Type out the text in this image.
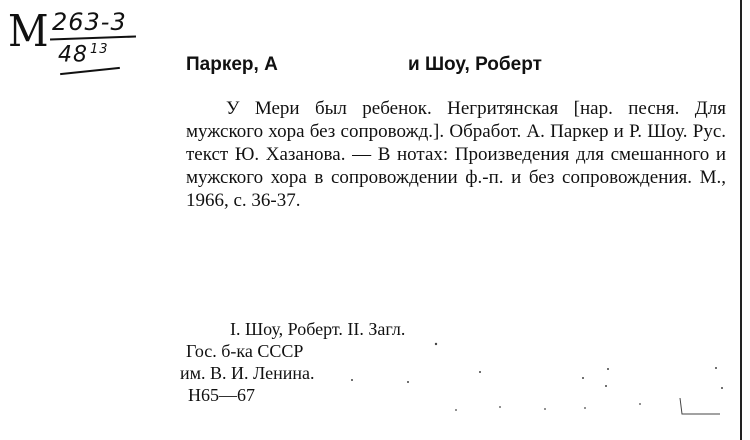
М 263-3
48 $^{13}$
Паркер, А	и Шоу, Роберт

У Мери был ребенок. Негритянская [нар. песня. Для мужского хора без сопровожд.]. Обработ. А. Паркер и Р. Шоу. Рус. текст Ю. Хазанова. — В нотах: Произведения для смешанного и мужского хора в сопровождении ф.-п. и без сопровождения. М., 1966, с. 36-37.

I. Шоу, Роберт. II. Загл.
Гос. б-ка СССР
им. В. И. Ленина.
Н65—67
